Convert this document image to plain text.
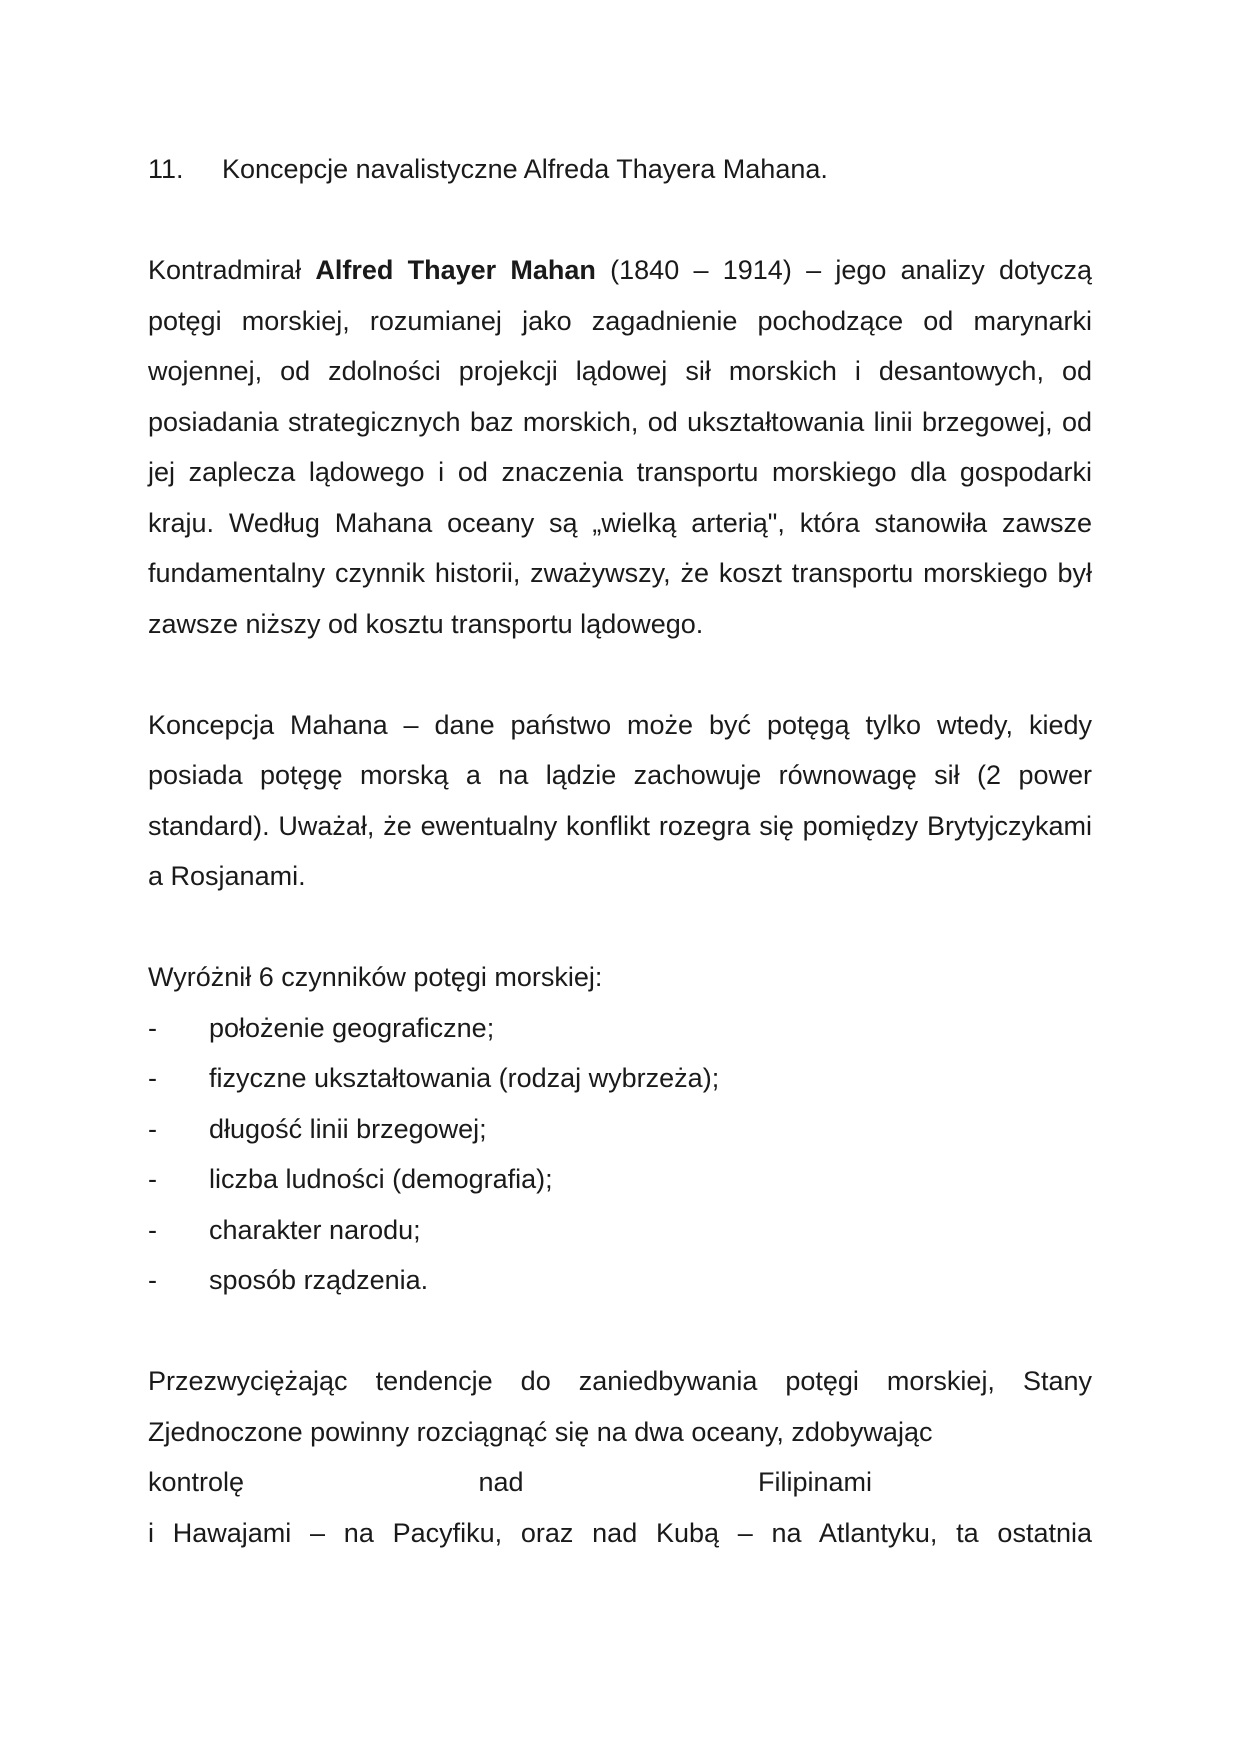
11.	Koncepcje navalistyczne Alfreda Thayera Mahana.

Kontradmirał Alfred Thayer Mahan (1840 – 1914) – jego analizy dotyczą potęgi morskiej, rozumianej jako zagadnienie pochodzące od marynarki wojennej, od zdolności projekcji lądowej sił morskich i desantowych, od posiadania strategicznych baz morskich, od ukształtowania linii brzegowej, od jej zaplecza lądowego i od znaczenia transportu morskiego dla gospodarki kraju. Według Mahana oceany są „wielką arterią", która stanowiła zawsze fundamentalny czynnik historii, zważywszy, że koszt transportu morskiego był zawsze niższy od kosztu transportu lądowego.

Koncepcja Mahana – dane państwo może być potęgą tylko wtedy, kiedy posiada potęgę morską a na lądzie zachowuje równowagę sił (2 power standard). Uważał, że ewentualny konflikt rozegra się pomiędzy Brytyjczykami a Rosjanami.

Wyróżnił 6 czynników potęgi morskiej:

-	położenie geograficzne;
-	fizyczne ukształtowania (rodzaj wybrzeża);
-	długość linii brzegowej;
-	liczba ludności (demografia);
-	charakter narodu;
-	sposób rządzenia.

Przezwyciężając tendencje do zaniedbywania potęgi morskiej, Stany Zjednoczone powinny rozciągnąć się na dwa oceany, zdobywając

kontrolę	nad	Filipinami

i Hawajami – na Pacyfiku, oraz nad Kubą – na Atlantyku, ta ostatnia
